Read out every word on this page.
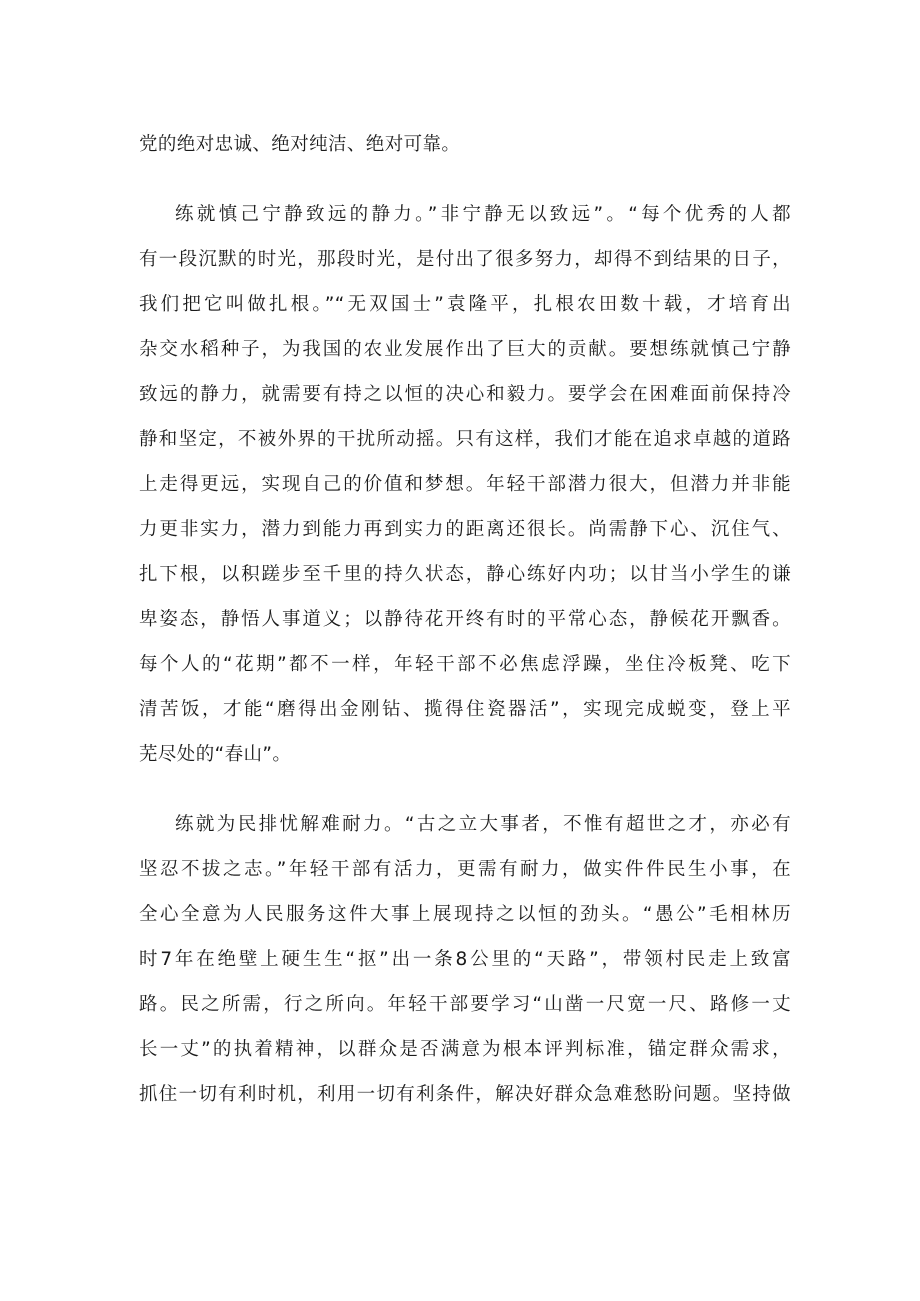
党的绝对忠诚、绝对纯洁、绝对可靠。
练就慎己宁静致远的静力。”非宁静无以致远”。“每个优秀的人都
有一段沉默的时光，那段时光，是付出了很多努力，却得不到结果的日子，
我们把它叫做扎根。”“无双国士”袁隆平，扎根农田数十载，才培育出
杂交水稻种子，为我国的农业发展作出了巨大的贡献。要想练就慎己宁静
致远的静力，就需要有持之以恒的决心和毅力。要学会在困难面前保持冷
静和坚定，不被外界的干扰所动摇。只有这样，我们才能在追求卓越的道路
上走得更远，实现自己的价值和梦想。年轻干部潜力很大，但潜力并非能
力更非实力，潜力到能力再到实力的距离还很长。尚需静下心、沉住气、
扎下根，以积蹉步至千里的持久状态，静心练好内功；以甘当小学生的谦
卑姿态，静悟人事道义；以静待花开终有时的平常心态，静候花开飘香。
每个人的“花期”都不一样，年轻干部不必焦虑浮躁，坐住冷板凳、吃下
清苦饭，才能“磨得出金刚钻、揽得住瓷器活”，实现完成蜕变，登上平
芜尽处的“春山”。
练就为民排忧解难耐力。“古之立大事者，不惟有超世之才，亦必有
坚忍不拔之志。”年轻干部有活力，更需有耐力，做实件件民生小事，在
全心全意为人民服务这件大事上展现持之以恒的劲头。“愚公”毛相林历
时7年在绝壁上硬生生“抠”出一条8公里的“天路”，带领村民走上致富
路。民之所需，行之所向。年轻干部要学习“山凿一尺宽一尺、路修一丈
长一丈”的执着精神，以群众是否满意为根本评判标准，锚定群众需求，
抓住一切有利时机，利用一切有利条件，解决好群众急难愁盼问题。坚持做
